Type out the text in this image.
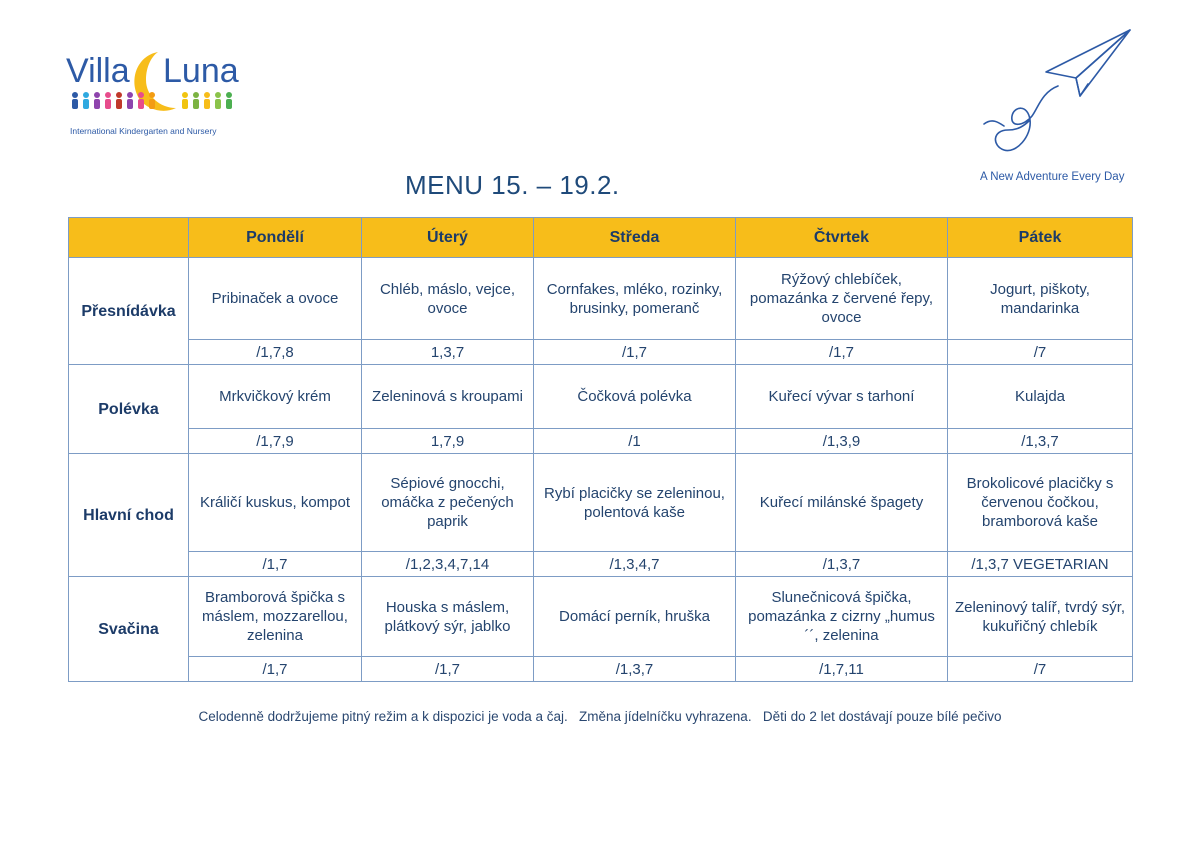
Villa Luna
International Kindergarten and Nursery
A New Adventure Every Day
MENU 15. – 19.2.
	Pondělí	Úterý	Středa	Čtvrtek	Pátek
Přesnídávka	Pribinaček a ovoce	Chléb, máslo, vejce, ovoce	Cornfakes, mléko, rozinky, brusinky, pomeranč	Rýžový chlebíček, pomazánka z červené řepy, ovoce	Jogurt, piškoty, mandarinka
	/1,7,8	1,3,7	/1,7	/1,7	/7
Polévka	Mrkvičkový krém	Zeleninová s kroupami	Čočková polévka	Kuřecí vývar s tarhoní	Kulajda
	/1,7,9	1,7,9	/1	/1,3,9	/1,3,7
Hlavní chod	Králičí kuskus, kompot	Sépiové gnocchi, omáčka z pečených paprik	Rybí placičky se zeleninou, polentová kaše	Kuřecí milánské špagety	Brokolicové placičky s červenou čočkou, bramborová kaše
	/1,7	/1,2,3,4,7,14	/1,3,4,7	/1,3,7	/1,3,7 VEGETARIAN
Svačina	Bramborová špička s máslem, mozzarellou, zelenina	Houska s máslem, plátkový sýr, jablko	Domácí perník, hruška	Slunečnicová špička, pomazánka z cizrny „humus´´, zelenina	Zeleninový talíř, tvrdý sýr, kukuřičný chlebík
	/1,7	/1,7	/1,3,7	/1,7,11	/7
Celodenně dodržujeme pitný režim a k dispozici je voda a čaj.   Změna jídelníčku vyhrazena.   Děti do 2 let dostávají pouze bílé pečivo
